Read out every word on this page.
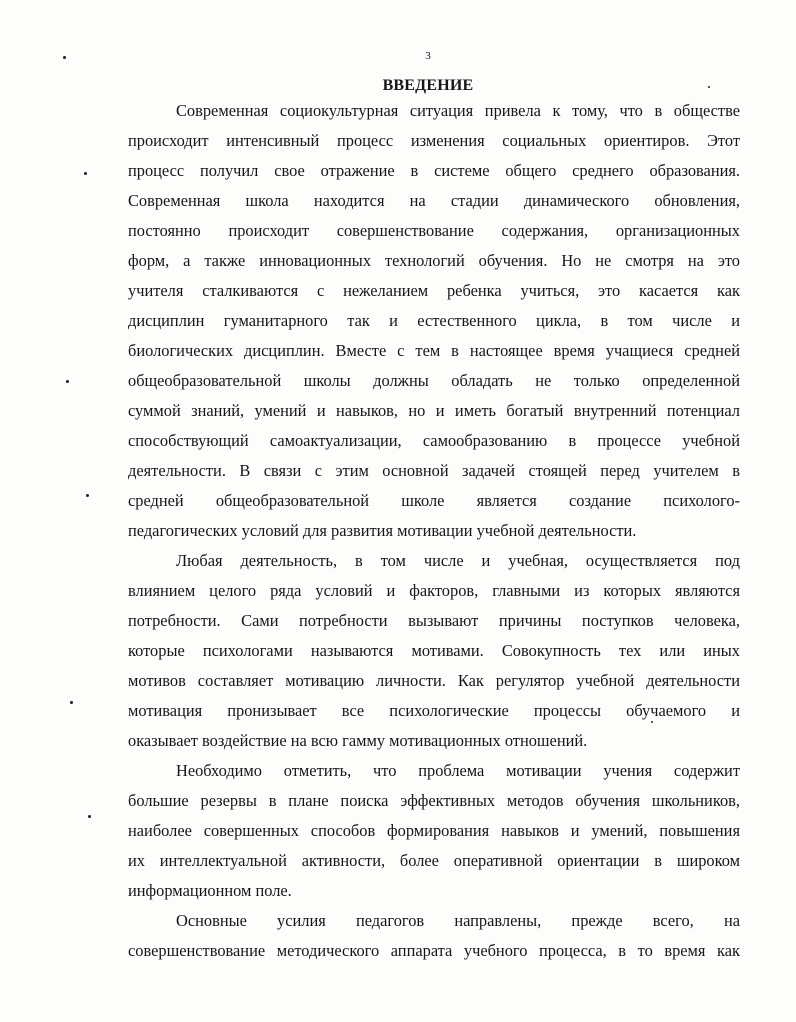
3
ВВЕДЕНИЕ
Современная социокультурная ситуация привела к тому, что в обществе
происходит интенсивный процесс изменения социальных ориентиров. Этот
процесс получил свое отражение в системе общего среднего образования.
Современная школа находится на стадии динамического обновления,
постоянно происходит совершенствование содержания, организационных
форм, а также инновационных технологий обучения. Но не смотря на это
учителя сталкиваются с нежеланием ребенка учиться, это касается как
дисциплин гуманитарного так и естественного цикла, в том числе и
биологических дисциплин. Вместе с тем в настоящее время учащиеся средней
общеобразовательной школы должны обладать не только определенной
суммой знаний, умений и навыков, но и иметь богатый внутренний потенциал
способствующий самоактуализации, самообразованию в процессе учебной
деятельности. В связи с этим основной задачей стоящей перед учителем в
средней общеобразовательной школе является создание психолого-
педагогических условий для развития мотивации учебной деятельности.
Любая деятельность, в том числе и учебная, осуществляется под
влиянием целого ряда условий и факторов, главными из которых являются
потребности. Сами потребности вызывают причины поступков человека,
которые психологами называются мотивами. Совокупность тех или иных
мотивов составляет мотивацию личности. Как регулятор учебной деятельности
мотивация пронизывает все психологические процессы обучаемого и
оказывает воздействие на всю гамму мотивационных отношений.
Необходимо отметить, что проблема мотивации учения содержит
большие резервы в плане поиска эффективных методов обучения школьников,
наиболее совершенных способов формирования навыков и умений, повышения
их интеллектуальной активности, более оперативной ориентации в широком
информационном поле.
Основные усилия педагогов направлены, прежде всего, на
совершенствование методического аппарата учебного процесса, в то время как
